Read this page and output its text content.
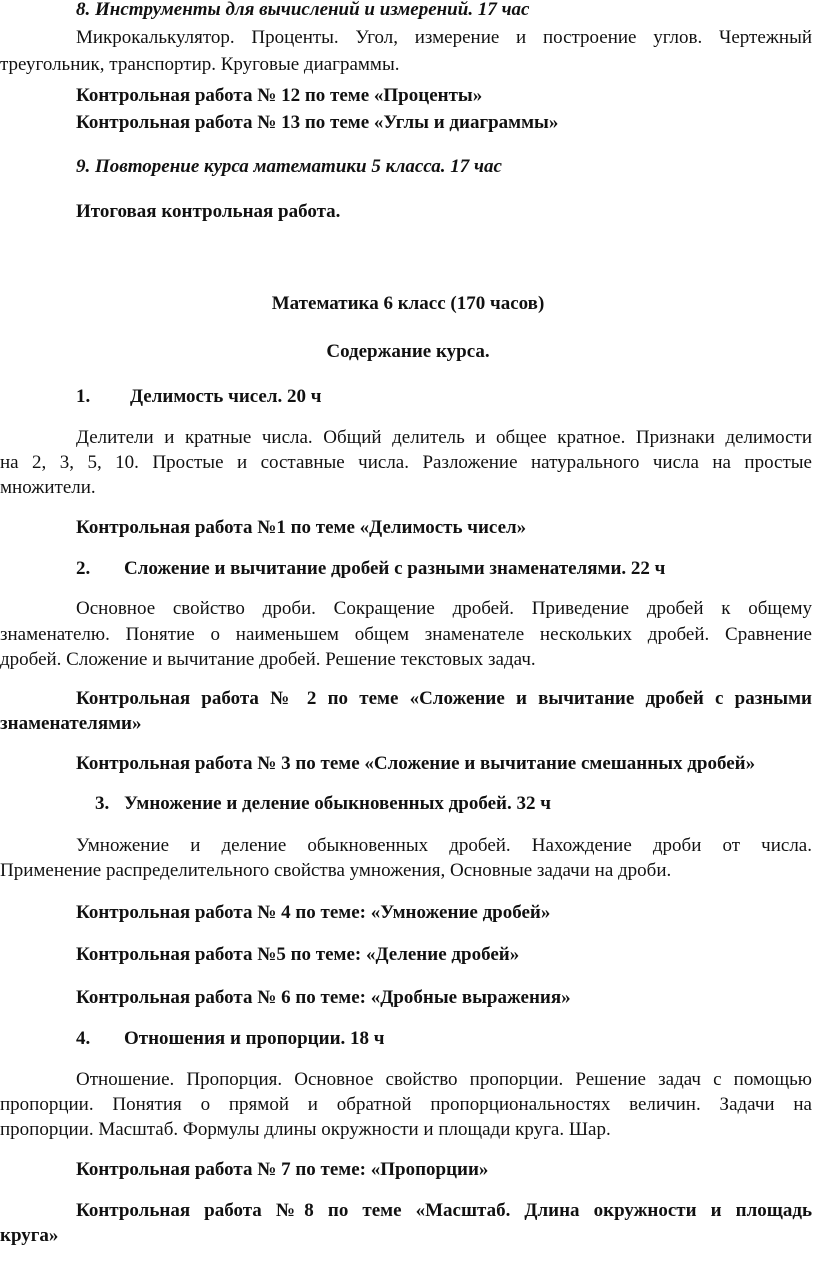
8. Инструменты для вычислений и измерений. 17 час
Микрокалькулятор. Проценты. Угол, измерение и построение углов. Чертежный
треугольник, транспортир. Круговые диаграммы.
Контрольная работа № 12 по теме «Проценты»
Контрольная работа № 13 по теме «Углы и диаграммы»
9. Повторение курса математики 5 класса. 17 час
Итоговая контрольная работа.
Математика 6 класс (170 часов)
Содержание курса.
1. Делимость чисел. 20 ч
Делители и кратные числа. Общий делитель и общее кратное. Признаки делимости
на 2, 3, 5, 10. Простые и составные числа. Разложение натурального числа на простые
множители.
Контрольная работа №1 по теме «Делимость чисел»
2. Сложение и вычитание дробей с разными знаменателями. 22 ч
Основное свойство дроби. Сокращение дробей. Приведение дробей к общему
знаменателю. Понятие о наименьшем общем знаменателе нескольких дробей. Сравнение
дробей. Сложение и вычитание дробей. Решение текстовых задач.
Контрольная работа № 2 по теме «Сложение и вычитание дробей с разными
знаменателями»
Контрольная работа № 3 по теме «Сложение и вычитание смешанных дробей»
3. Умножение и деление обыкновенных дробей. 32 ч
Умножение и деление обыкновенных дробей. Нахождение дроби от числа.
Применение распределительного свойства умножения, Основные задачи на дроби.
Контрольная работа № 4 по теме: «Умножение дробей»
Контрольная работа №5 по теме: «Деление дробей»
Контрольная работа № 6 по теме: «Дробные выражения»
4. Отношения и пропорции. 18 ч
Отношение. Пропорция. Основное свойство пропорции. Решение задач с помощью
пропорции. Понятия о прямой и обратной пропорциональностях величин. Задачи на
пропорции. Масштаб. Формулы длины окружности и площади круга. Шар.
Контрольная работа № 7 по теме: «Пропорции»
Контрольная работа №8 по теме «Масштаб. Длина окружности и площадь
круга»
